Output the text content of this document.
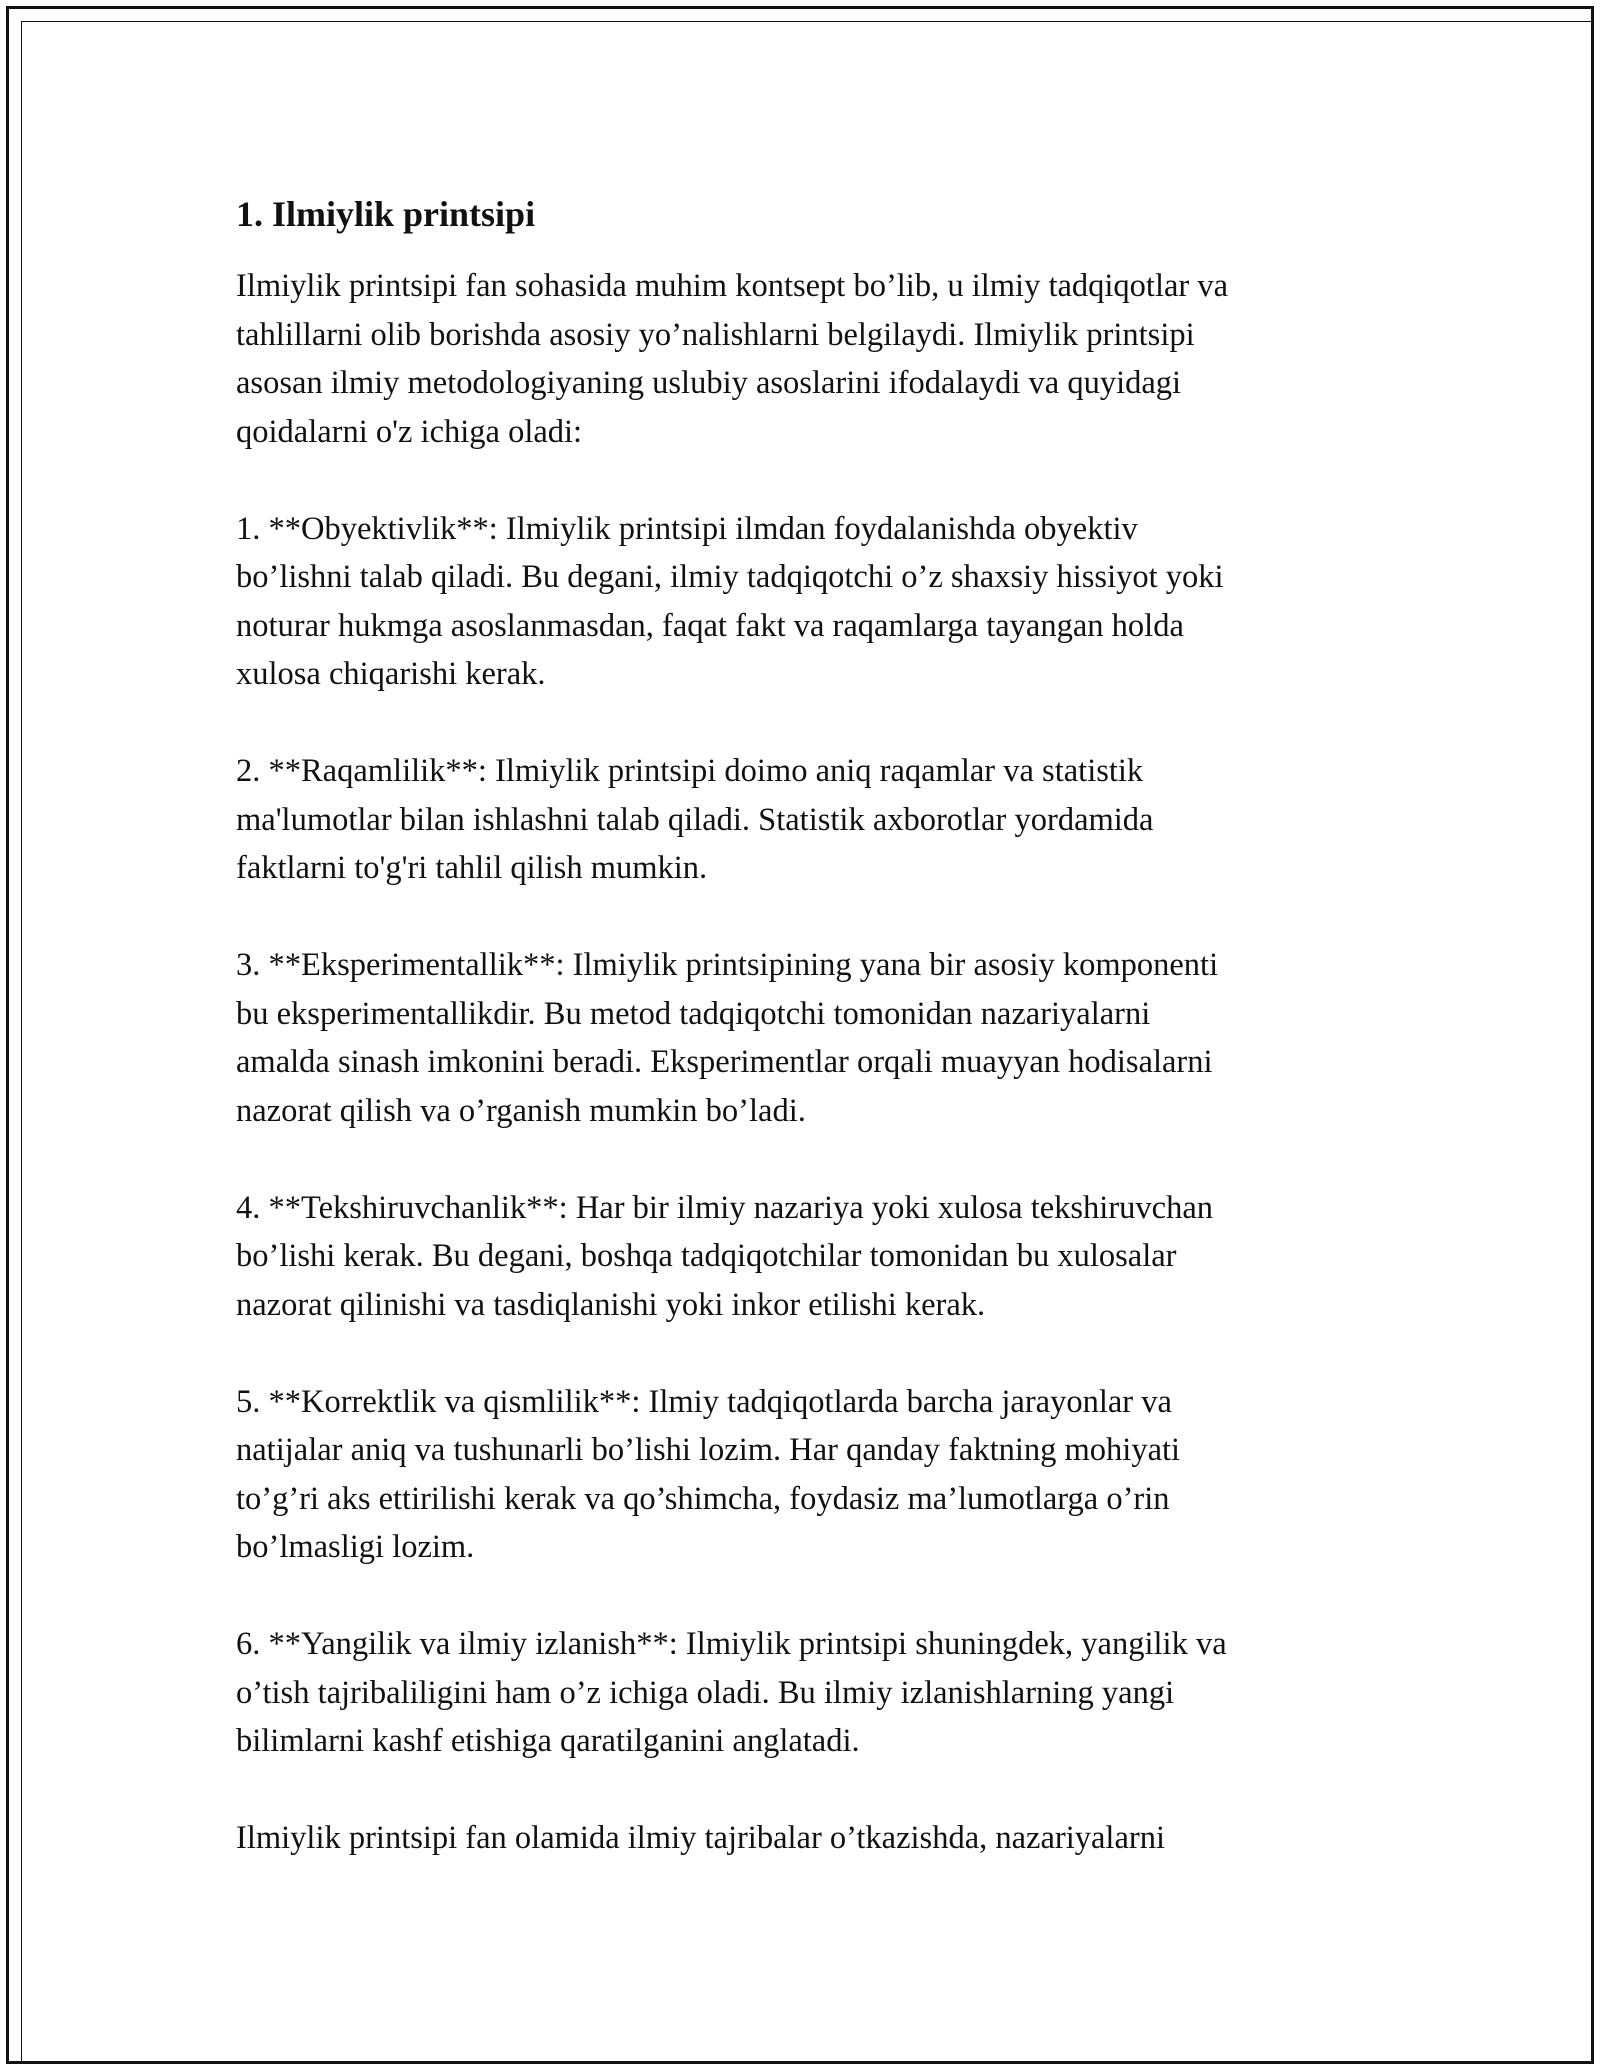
1. Ilmiylik printsipi

Ilmiylik printsipi fan sohasida muhim kontsept bo’lib, u ilmiy tadqiqotlar va
tahlillarni olib borishda asosiy yo’nalishlarni belgilaydi. Ilmiylik printsipi
asosan ilmiy metodologiyaning uslubiy asoslarini ifodalaydi va quyidagi
qoidalarni o'z ichiga oladi:

1. **Obyektivlik**: Ilmiylik printsipi ilmdan foydalanishda obyektiv
bo’lishni talab qiladi. Bu degani, ilmiy tadqiqotchi o’z shaxsiy hissiyot yoki
noturar hukmga asoslanmasdan, faqat fakt va raqamlarga tayangan holda
xulosa chiqarishi kerak.

2. **Raqamlilik**: Ilmiylik printsipi doimo aniq raqamlar va statistik
ma'lumotlar bilan ishlashni talab qiladi. Statistik axborotlar yordamida
faktlarni to'g'ri tahlil qilish mumkin.

3. **Eksperimentallik**: Ilmiylik printsipining yana bir asosiy komponenti
bu eksperimentallikdir. Bu metod tadqiqotchi tomonidan nazariyalarni
amalda sinash imkonini beradi. Eksperimentlar orqali muayyan hodisalarni
nazorat qilish va o’rganish mumkin bo’ladi.

4. **Tekshiruvchanlik**: Har bir ilmiy nazariya yoki xulosa tekshiruvchan
bo’lishi kerak. Bu degani, boshqa tadqiqotchilar tomonidan bu xulosalar
nazorat qilinishi va tasdiqlanishi yoki inkor etilishi kerak.

5. **Korrektlik va qismlilik**: Ilmiy tadqiqotlarda barcha jarayonlar va
natijalar aniq va tushunarli bo’lishi lozim. Har qanday faktning mohiyati
to’g’ri aks ettirilishi kerak va qo’shimcha, foydasiz ma’lumotlarga o’rin
bo’lmasligi lozim.

6. **Yangilik va ilmiy izlanish**: Ilmiylik printsipi shuningdek, yangilik va
o’tish tajribaliligini ham o’z ichiga oladi. Bu ilmiy izlanishlarning yangi
bilimlarni kashf etishiga qaratilganini anglatadi.

Ilmiylik printsipi fan olamida ilmiy tajribalar o’tkazishda, nazariyalarni
